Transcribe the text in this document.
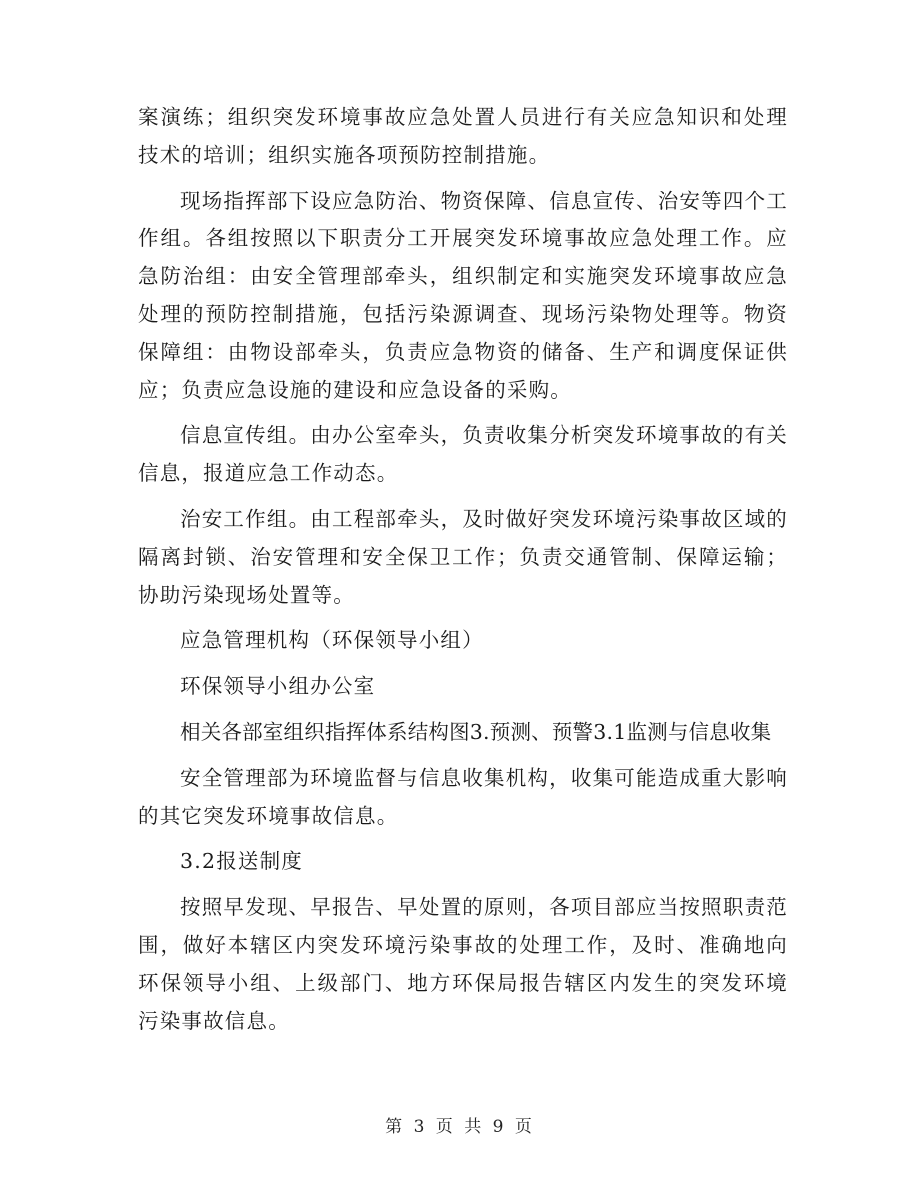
案演练；组织突发环境事故应急处置人员进行有关应急知识和处理技术的培训；组织实施各项预防控制措施。

现场指挥部下设应急防治、物资保障、信息宣传、治安等四个工作组。各组按照以下职责分工开展突发环境事故应急处理工作。应急防治组：由安全管理部牵头，组织制定和实施突发环境事故应急处理的预防控制措施，包括污染源调查、现场污染物处理等。物资保障组：由物设部牵头，负责应急物资的储备、生产和调度保证供应；负责应急设施的建设和应急设备的采购。

信息宣传组。由办公室牵头，负责收集分析突发环境事故的有关信息，报道应急工作动态。

治安工作组。由工程部牵头，及时做好突发环境污染事故区域的隔离封锁、治安管理和安全保卫工作；负责交通管制、保障运输；协助污染现场处置等。

应急管理机构（环保领导小组）

环保领导小组办公室

相关各部室组织指挥体系结构图3.预测、预警3.1监测与信息收集

安全管理部为环境监督与信息收集机构，收集可能造成重大影响的其它突发环境事故信息。

3.2报送制度

按照早发现、早报告、早处置的原则，各项目部应当按照职责范围，做好本辖区内突发环境污染事故的处理工作，及时、准确地向环保领导小组、上级部门、地方环保局报告辖区内发生的突发环境污染事故信息。

第 3 页 共 9 页
